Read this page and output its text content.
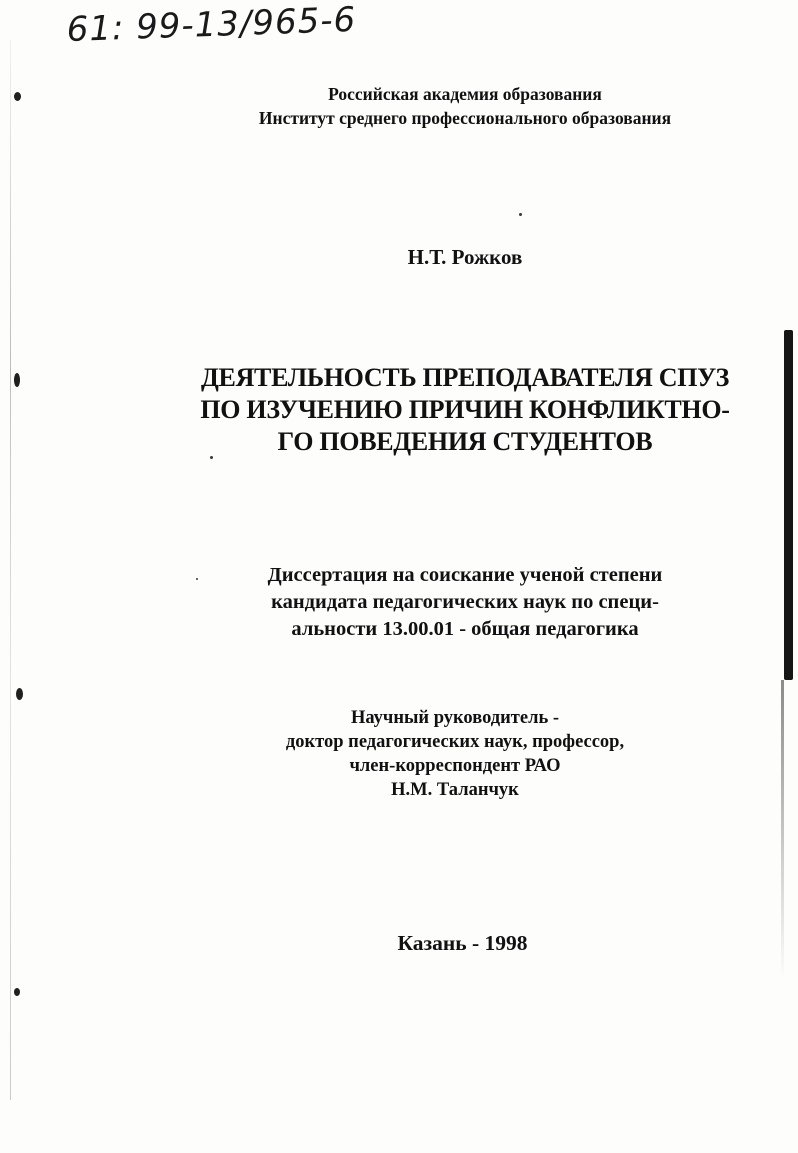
61: 99-13/965-6
Российская академия образования
Институт среднего профессионального образования
Н.Т. Рожков
ДЕЯТЕЛЬНОСТЬ ПРЕПОДАВАТЕЛЯ СПУЗ
ПО ИЗУЧЕНИЮ ПРИЧИН КОНФЛИКТНО-
ГО ПОВЕДЕНИЯ СТУДЕНТОВ
Диссертация на соискание ученой степени
кандидата педагогических наук по специ-
альности 13.00.01 - общая педагогика
Научный руководитель -
доктор педагогических наук, профессор,
член-корреспондент РАО
Н.М. Таланчук
Казань - 1998
